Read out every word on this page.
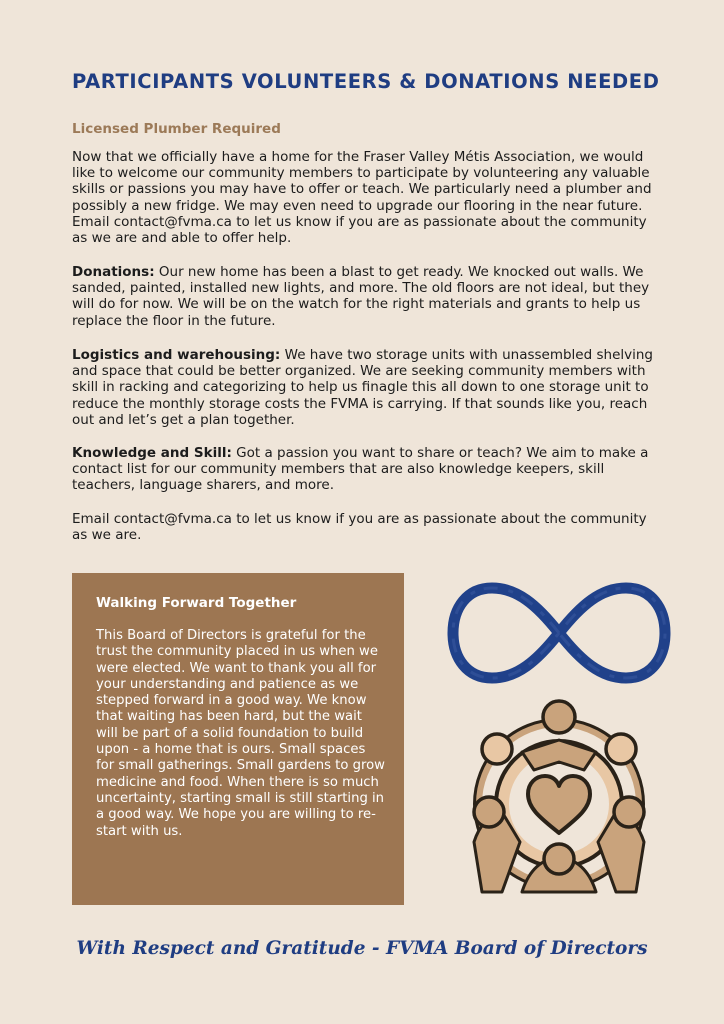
PARTICIPANTS VOLUNTEERS & DONATIONS NEEDED
Licensed Plumber Required
Now that we officially have a home for the Fraser Valley Métis Association, we would like to welcome our community members to participate by volunteering any valuable skills or passions you may have to offer or teach. We particularly need a plumber and possibly a new fridge. We may even need to upgrade our flooring in the near future. Email contact@fvma.ca to let us know if you are as passionate about the community as we are and able to offer help.
Donations: Our new home has been a blast to get ready. We knocked out walls. We sanded, painted, installed new lights, and more. The old floors are not ideal, but they will do for now. We will be on the watch for the right materials and grants to help us replace the floor in the future.
Logistics and warehousing: We have two storage units with unassembled shelving and space that could be better organized. We are seeking community members with skill in racking and categorizing to help us finagle this all down to one storage unit to reduce the monthly storage costs the FVMA is carrying. If that sounds like you, reach out and let’s get a plan together.
Knowledge and Skill: Got a passion you want to share or teach? We aim to make a contact list for our community members that are also knowledge keepers, skill teachers, language sharers, and more.
Email contact@fvma.ca to let us know if you are as passionate about the community as we are.
Walking Forward Together
This Board of Directors is grateful for the trust the community placed in us when we were elected. We want to thank you all for your understanding and patience as we stepped forward in a good way. We know that waiting has been hard, but the wait will be part of a solid foundation to build upon - a home that is ours. Small spaces for small gatherings. Small gardens to grow medicine and food. When there is so much uncertainty, starting small is still starting in a good way. We hope you are willing to re-start with us.
With Respect and Gratitude - FVMA Board of Directors
